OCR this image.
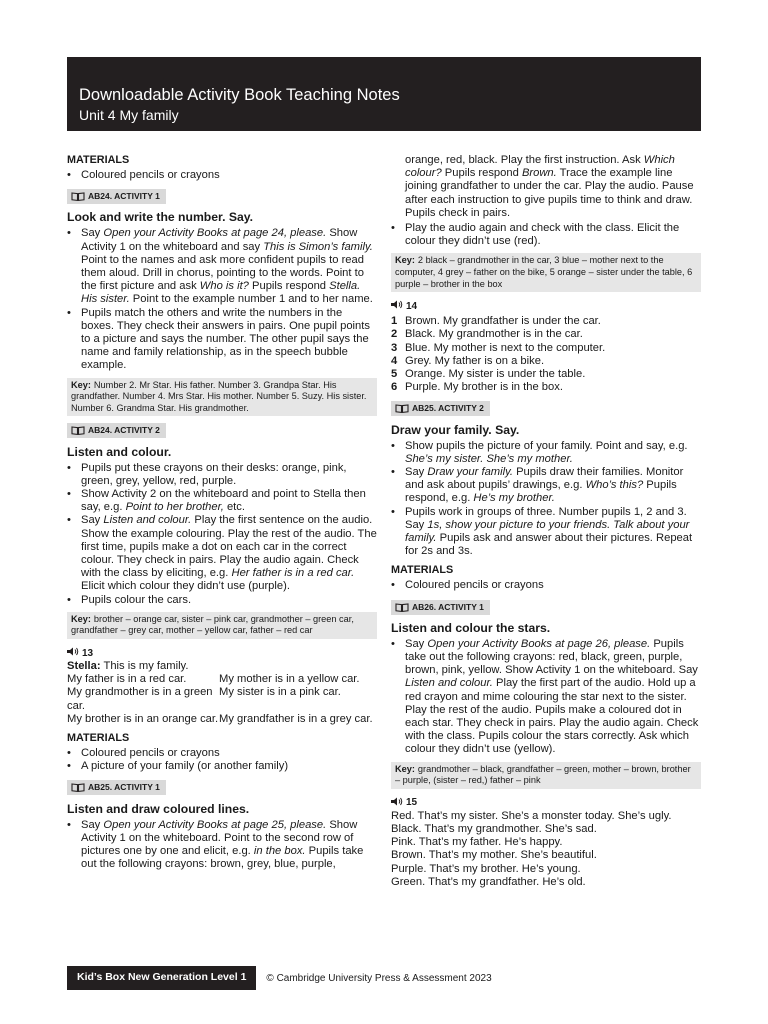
Downloadable Activity Book Teaching Notes
Unit 4 My family
MATERIALS
• Coloured pencils or crayons
AB24. ACTIVITY 1
Look and write the number. Say.
• Say Open your Activity Books at page 24, please. Show Activity 1 on the whiteboard and say This is Simon’s family. Point to the names and ask more confident pupils to read them aloud. Drill in chorus, pointing to the words. Point to the first picture and ask Who is it? Pupils respond Stella. His sister. Point to the example number 1 and to her name.
• Pupils match the others and write the numbers in the boxes. They check their answers in pairs. One pupil points to a picture and says the number. The other pupil says the name and family relationship, as in the speech bubble example.
Key: Number 2. Mr Star. His father. Number 3. Grandpa Star. His grandfather. Number 4. Mrs Star. His mother. Number 5. Suzy. His sister. Number 6. Grandma Star. His grandmother.
AB24. ACTIVITY 2
Listen and colour.
• Pupils put these crayons on their desks: orange, pink, green, grey, yellow, red, purple.
• Show Activity 2 on the whiteboard and point to Stella then say, e.g. Point to her brother, etc.
• Say Listen and colour. Play the first sentence on the audio. Show the example colouring. Play the rest of the audio. The first time, pupils make a dot on each car in the correct colour. They check in pairs. Play the audio again. Check with the class by eliciting, e.g. Her father is in a red car. Elicit which colour they didn’t use (purple).
• Pupils colour the cars.
Key: brother – orange car, sister – pink car, grandmother – green car, grandfather – grey car, mother – yellow car, father – red car
13
Stella: This is my family.
My father is in a red car.	My mother is in a yellow car.
My grandmother is in a green car.
My sister is in a pink car.
My brother is in an orange car. My grandfather is in a grey car.
MATERIALS
• Coloured pencils or crayons
• A picture of your family (or another family)
AB25. ACTIVITY 1
Listen and draw coloured lines.
• Say Open your Activity Books at page 25, please. Show Activity 1 on the whiteboard. Point to the second row of pictures one by one and elicit, e.g. in the box. Pupils take out the following crayons: brown, grey, blue, purple,
orange, red, black. Play the first instruction. Ask Which colour? Pupils respond Brown. Trace the example line joining grandfather to under the car. Play the audio. Pause after each instruction to give pupils time to think and draw. Pupils check in pairs.
• Play the audio again and check with the class. Elicit the colour they didn’t use (red).
Key: 2 black – grandmother in the car, 3 blue – mother next to the computer, 4 grey – father on the bike, 5 orange – sister under the table, 6 purple – brother in the box
14
1 Brown. My grandfather is under the car.
2 Black. My grandmother is in the car.
3 Blue. My mother is next to the computer.
4 Grey. My father is on a bike.
5 Orange. My sister is under the table.
6 Purple. My brother is in the box.
AB25. ACTIVITY 2
Draw your family. Say.
• Show pupils the picture of your family. Point and say, e.g. She’s my sister. She’s my mother.
• Say Draw your family. Pupils draw their families. Monitor and ask about pupils’ drawings, e.g. Who’s this? Pupils respond, e.g. He’s my brother.
• Pupils work in groups of three. Number pupils 1, 2 and 3. Say 1s, show your picture to your friends. Talk about your family. Pupils ask and answer about their pictures. Repeat for 2s and 3s.
MATERIALS
• Coloured pencils or crayons
AB26. ACTIVITY 1
Listen and colour the stars.
• Say Open your Activity Books at page 26, please. Pupils take out the following crayons: red, black, green, purple, brown, pink, yellow. Show Activity 1 on the whiteboard. Say Listen and colour. Play the first part of the audio. Hold up a red crayon and mime colouring the star next to the sister. Play the rest of the audio. Pupils make a coloured dot in each star. They check in pairs. Play the audio again. Check with the class. Pupils colour the stars correctly. Ask which colour they didn’t use (yellow).
Key: grandmother – black, grandfather – green, mother – brown, brother – purple, (sister – red,) father – pink
15
Red. That’s my sister. She’s a monster today. She’s ugly.
Black. That’s my grandmother. She’s sad.
Pink. That’s my father. He’s happy.
Brown. That’s my mother. She’s beautiful.
Purple. That’s my brother. He’s young.
Green. That’s my grandfather. He’s old.
Kid’s Box New Generation Level 1	© Cambridge University Press & Assessment 2023
